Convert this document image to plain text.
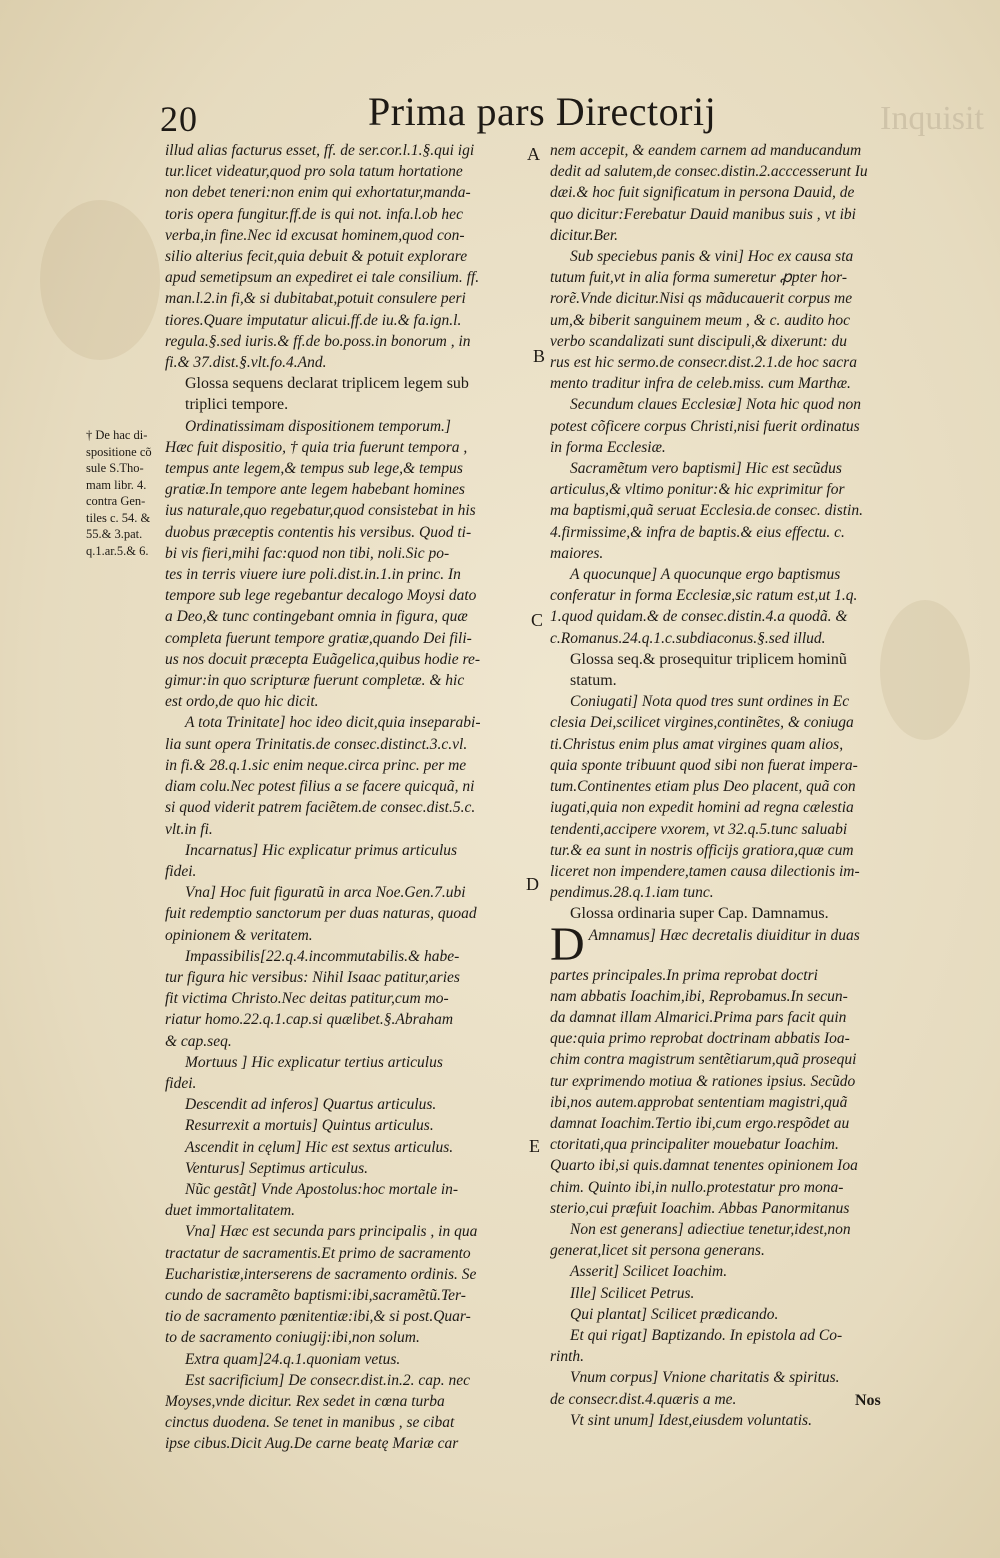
20	Prima pars Directorij	Inquisit
† De hac di-
spositione cõ
sule S.Tho-
mam libr. 4.
contra Gen-
tiles c. 54. &
55.& 3.pat.
q.1.ar.5.& 6.
illud alias facturus esset, ff. de ser.cor.l.1.§.qui igi
tur.licet videatur,quod pro sola tatum hortatione
non debet teneri:non enim qui exhortatur,manda-
toris opera fungitur.ff.de is qui not. infa.l.ob hec
verba,in fine.Nec id excusat hominem,quod con-
silio alterius fecit,quia debuit & potuit explorare
apud semetipsum an expediret ei tale consilium. ff.
man.l.2.in fi,& si dubitabat,potuit consulere peri
tiores.Quare imputatur alicui.ff.de iu.& fa.ign.l.
regula.§.sed iuris.& ff.de bo.poss.in bonorum , in
fi.& 37.dist.§.vlt.fo.4.And.
Glossa sequens declarat triplicem legem sub
triplici tempore.
Ordinatissimam dispositionem temporum.]
Hæc fuit dispositio, † quia tria fuerunt tempora ,
tempus ante legem,& tempus sub lege,& tempus
gratiæ.In tempore ante legem habebant homines
ius naturale,quo regebatur,quod consistebat in his
duobus præceptis contentis his versibus. Quod ti-
bi vis fieri,mihi fac:quod non tibi, noli.Sic po-
tes in terris viuere iure poli.dist.in.1.in princ. In
tempore sub lege regebantur decalogo Moysi dato
a Deo,& tunc contingebant omnia in figura, quæ
completa fuerunt tempore gratiæ,quando Dei fili-
us nos docuit præcepta Euãgelica,quibus hodie re-
gimur:in quo scripturæ fuerunt completæ. & hic
est ordo,de quo hic dicit.
A tota Trinitate] hoc ideo dicit,quia inseparabi-
lia sunt opera Trinitatis.de consec.distinct.3.c.vl.
in fi.& 28.q.1.sic enim neque.circa princ. per me
diam colu.Nec potest filius a se facere quicquã, ni
si quod viderit patrem faciẽtem.de consec.dist.5.c.
vlt.in fi.
Incarnatus] Hic explicatur primus articulus
fidei.
Vna] Hoc fuit figuratũ in arca Noe.Gen.7.ubi
fuit redemptio sanctorum per duas naturas, quoad
opinionem & veritatem.
Impassibilis[22.q.4.incommutabilis.& habe-
tur figura hic versibus: Nihil Isaac patitur,aries
fit victima Christo.Nec deitas patitur,cum mo-
riatur homo.22.q.1.cap.si quælibet.§.Abraham
& cap.seq.
Mortuus ] Hic explicatur tertius articulus
fidei.
Descendit ad inferos] Quartus articulus.
Resurrexit a mortuis] Quintus articulus.
Ascendit in cęlum] Hic est sextus articulus.
Venturus] Septimus articulus.
Nũc gestãt] Vnde Apostolus:hoc mortale in-
duet immortalitatem.
Vna] Hæc est secunda pars principalis , in qua
tractatur de sacramentis.Et primo de sacramento
Eucharistiæ,interserens de sacramento ordinis. Se
cundo de sacramẽto baptismi:ibi,sacramẽtũ.Ter-
tio de sacramento pœnitentiæ:ibi,& si post.Quar-
to de sacramento coniugij:ibi,non solum.
Extra quam]24.q.1.quoniam vetus.
Est sacrificium] De consecr.dist.in.2. cap. nec
Moyses,vnde dicitur. Rex sedet in cœna turba
cinctus duodena. Se tenet in manibus , se cibat
ipse cibus.Dicit Aug.De carne beatę Mariæ car
nem accepit, & eandem carnem ad manducandum
dedit ad salutem,de consec.distin.2.acccesserunt Iu
dæi.& hoc fuit significatum in persona Dauid, de
quo dicitur:Ferebatur Dauid manibus suis , vt ibi
dicitur.Ber.
Sub speciebus panis & vini] Hoc ex causa sta
tutum fuit,vt in alia forma sumeretur ꝓpter hor-
rorẽ.Vnde dicitur.Nisi qs mãducauerit corpus me
um,& biberit sanguinem meum , & c. audito hoc
verbo scandalizati sunt discipuli,& dixerunt: du
rus est hic sermo.de consecr.dist.2.1.de hoc sacra
mento traditur infra de celeb.miss. cum Marthæ.
Secundum claues Ecclesiæ] Nota hic quod non
potest cõficere corpus Christi,nisi fuerit ordinatus
in forma Ecclesiæ.
Sacramẽtum vero baptismi] Hic est secũdus
articulus,& vltimo ponitur:& hic exprimitur for
ma baptismi,quã seruat Ecclesia.de consec. distin.
4.firmissime,& infra de baptis.& eius effectu. c.
maiores.
A quocunque] A quocunque ergo baptismus
conferatur in forma Ecclesiæ,sic ratum est,ut 1.q.
1.quod quidam.& de consec.distin.4.a quodã. &
c.Romanus.24.q.1.c.subdiaconus.§.sed illud.
Glossa seq.& prosequitur triplicem hominũ
statum.
Coniugati] Nota quod tres sunt ordines in Ec
clesia Dei,scilicet virgines,continẽtes, & coniuga
ti.Christus enim plus amat virgines quam alios,
quia sponte tribuunt quod sibi non fuerat impera-
tum.Continentes etiam plus Deo placent, quã con
iugati,quia non expedit homini ad regna cælestia
tendenti,accipere vxorem, vt 32.q.5.tunc saluabi
tur.& ea sunt in nostris officijs gratiora,quæ cum
liceret non impendere,tamen causa dilectionis im-
pendimus.28.q.1.iam tunc.
Glossa ordinaria super Cap. Damnamus.
D Amnamus] Hæc decretalis diuiditur in duas
partes principales.In prima reprobat doctri
nam abbatis Ioachim,ibi, Reprobamus.In secun-
da damnat illam Almarici.Prima pars facit quin
que:quia primo reprobat doctrinam abbatis Ioa-
chim contra magistrum sentẽtiarum,quã prosequi
tur exprimendo motiua & rationes ipsius. Secũdo
ibi,nos autem.approbat sententiam magistri,quã
damnat Ioachim.Tertio ibi,cum ergo.respõdet au
ctoritati,qua principaliter mouebatur Ioachim.
Quarto ibi,si quis.damnat tenentes opinionem Ioa
chim. Quinto ibi,in nullo.protestatur pro mona-
sterio,cui præfuit Ioachim. Abbas Panormitanus
Non est generans] adiectiue tenetur,idest,non
generat,licet sit persona generans.
Asserit] Scilicet Ioachim.
Ille] Scilicet Petrus.
Qui plantat] Scilicet prædicando.
Et qui rigat] Baptizando. In epistola ad Co-
rinth.
Vnum corpus] Vnione charitatis & spiritus.
de consecr.dist.4.quæris a me.
Vt sint unum] Idest,eiusdem voluntatis.
A
B
C
D
E
Nos
